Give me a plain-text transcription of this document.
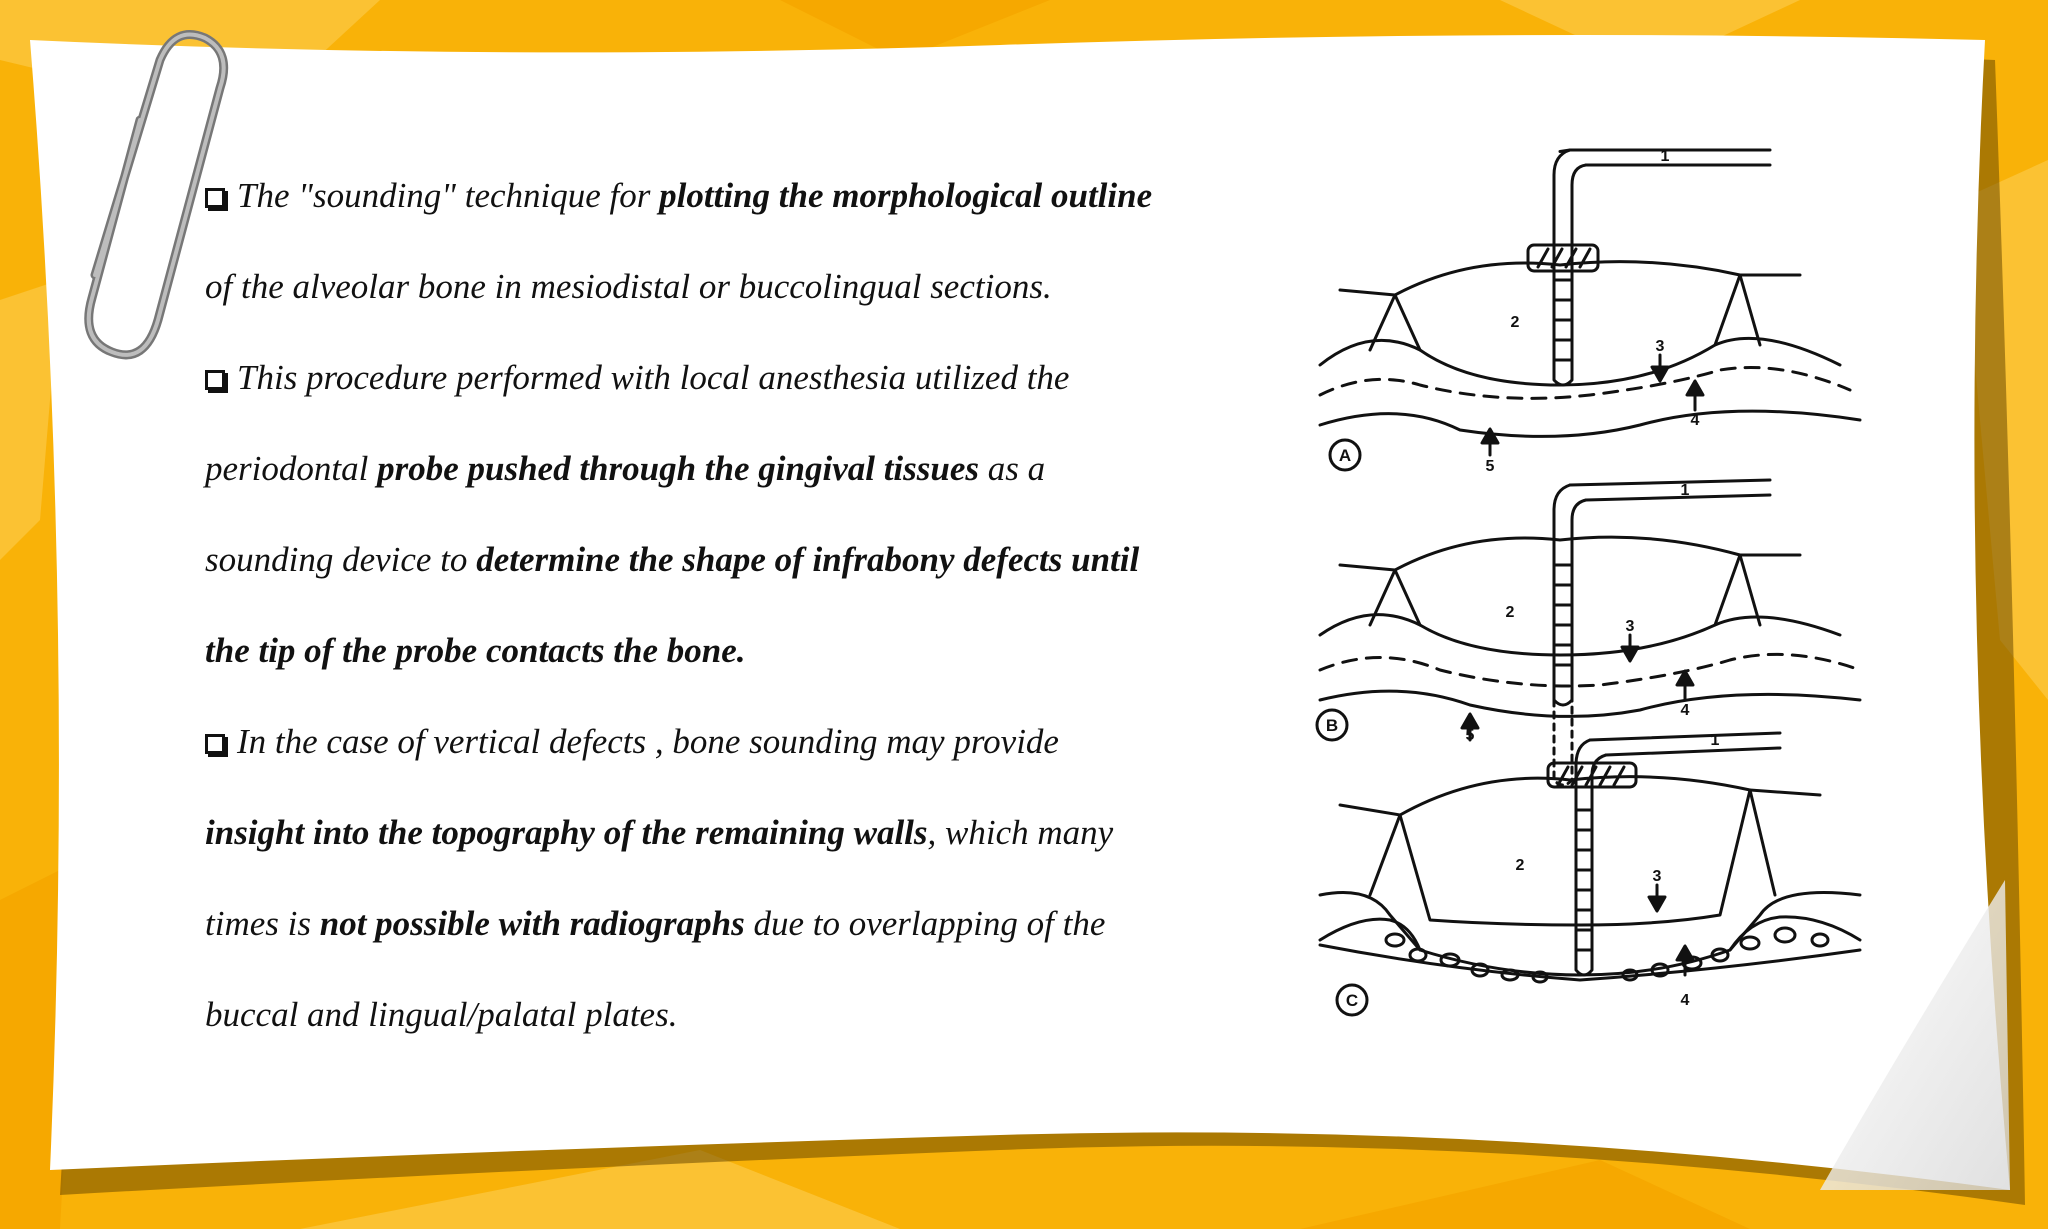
The "sounding" technique for plotting the morphological outline
of the alveolar bone in mesiodistal or buccolingual sections.
This procedure performed with local anesthesia utilized the
periodontal probe pushed through the gingival tissues as a
sounding device to determine the shape of infrabony defects until
the tip of the probe contacts the bone.
In the case of vertical defects , bone sounding may provide
insight into the topography of the remaining walls, which many
times is not possible with radiographs due to overlapping of the
buccal and lingual/palatal plates.
1
2
3
4
5
A
1
2
3
4
5
B
1
2
3
4
C
